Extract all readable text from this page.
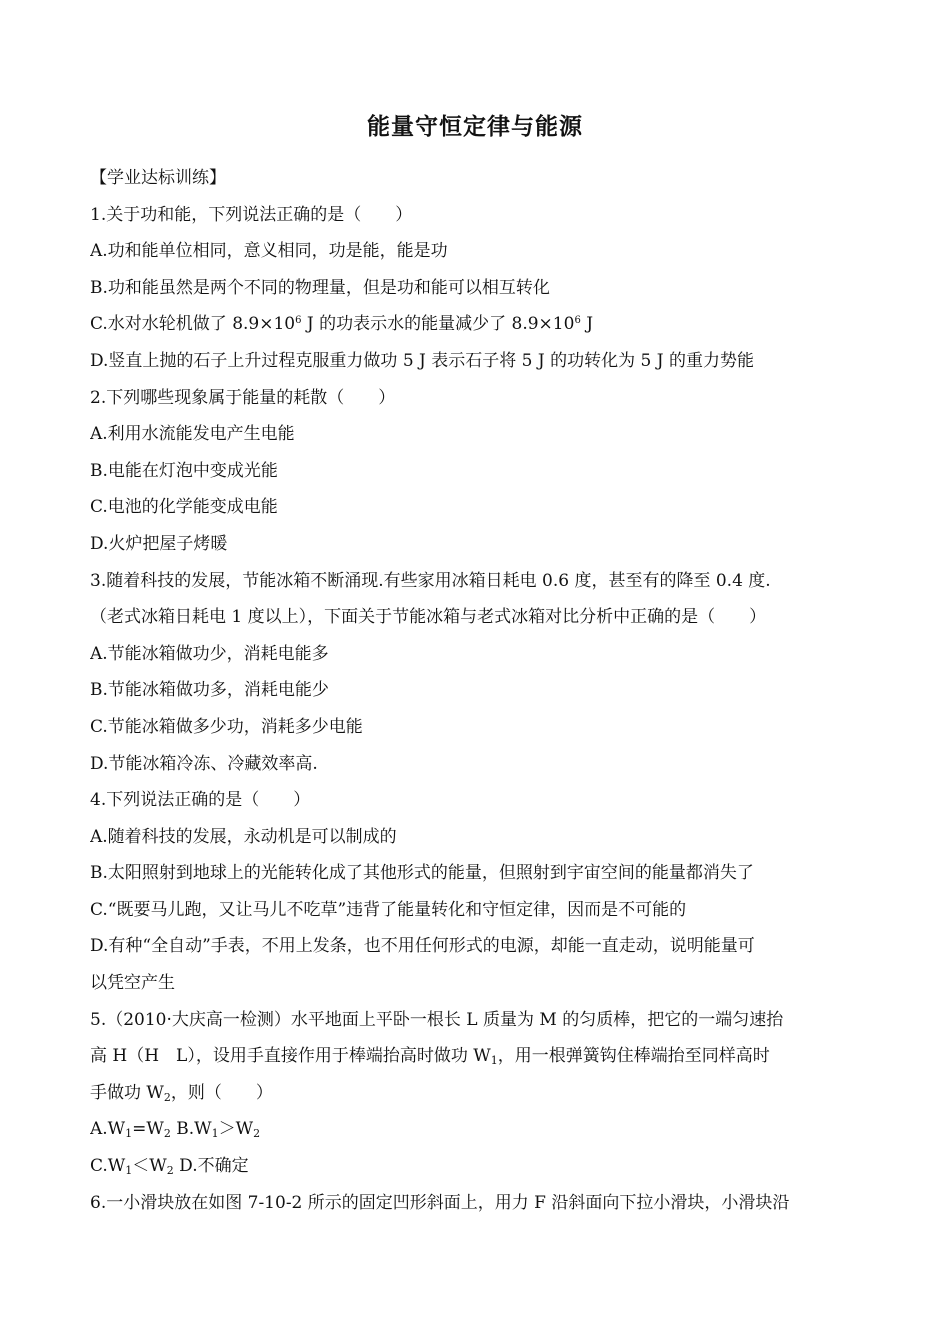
能量守恒定律与能源
【学业达标训练】
1.关于功和能，下列说法正确的是（　　）
A.功和能单位相同，意义相同，功是能，能是功
B.功和能虽然是两个不同的物理量，但是功和能可以相互转化
C.水对水轮机做了 $8.9\times 10^6$ J 的功表示水的能量减少了 $8.9\times 10^6$ J
D.竖直上抛的石子上升过程克服重力做功 5 J 表示石子将 5 J 的功转化为 5 J 的重力势能
2.下列哪些现象属于能量的耗散（　　）
A.利用水流能发电产生电能
B.电能在灯泡中变成光能
C.电池的化学能变成电能
D.火炉把屋子烤暖
3.随着科技的发展，节能冰箱不断涌现.有些家用冰箱日耗电 0.6 度，甚至有的降至 0.4 度.
（老式冰箱日耗电 1 度以上），下面关于节能冰箱与老式冰箱对比分析中正确的是（　　）
A.节能冰箱做功少，消耗电能多
B.节能冰箱做功多，消耗电能少
C.节能冰箱做多少功，消耗多少电能
D.节能冰箱冷冻、冷藏效率高.
4.下列说法正确的是（　　）
A.随着科技的发展，永动机是可以制成的
B.太阳照射到地球上的光能转化成了其他形式的能量，但照射到宇宙空间的能量都消失了
C.“既要马儿跑，又让马儿不吃草”违背了能量转化和守恒定律，因而是不可能的
D.有种“全自动”手表，不用上发条，也不用任何形式的电源，却能一直走动，说明能量可
以凭空产生
5.（2010·大庆高一检测）水平地面上平卧一根长 L 质量为 M 的匀质棒，把它的一端匀速抬
高 H（H　L），设用手直接作用于棒端抬高时做功 $W_1$，用一根弹簧钩住棒端抬至同样高时
手做功 $W_2$，则（　　）
$A.W_1=W_2$ $B.W_1>W_2$
$C.W_1<W_2$ D.不确定
6.一小滑块放在如图 7-10-2 所示的固定凹形斜面上，用力 F 沿斜面向下拉小滑块，小滑块沿
